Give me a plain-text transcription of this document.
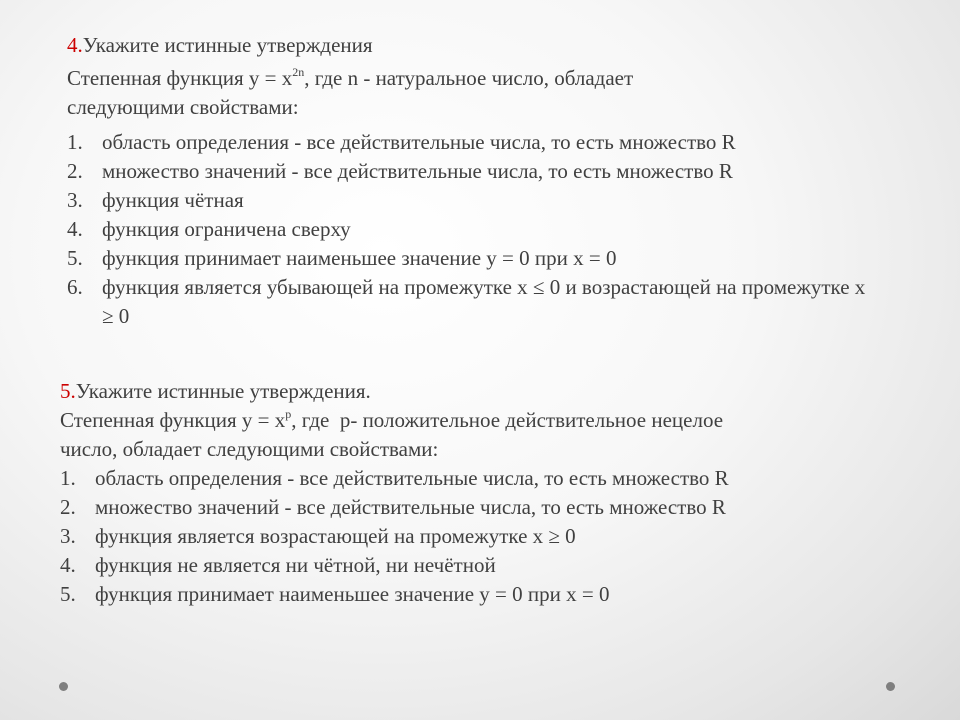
4.Укажите истинные утверждения
Степенная функция $y = x^{2n}$, где n - натуральное число, обладает
следующими свойствами:
1. область определения - все действительные числа, то есть множество R
2. множество значений - все действительные числа, то есть множество R
3. функция чётная
4. функция ограничена сверху
5. функция принимает наименьшее значение y = 0 при x = 0
6. функция является убывающей на промежутке x ≤ 0 и возрастающей на промежутке x ≥ 0
5.Укажите истинные утверждения.
Степенная функция $y = x^p$, где  p- положительное действительное нецелое
число, обладает следующими свойствами:
1. область определения - все действительные числа, то есть множество R
2. множество значений - все действительные числа, то есть множество R
3. функция является возрастающей на промежутке x ≥ 0
4. функция не является ни чётной, ни нечётной
5. функция принимает наименьшее значение y = 0 при x = 0
